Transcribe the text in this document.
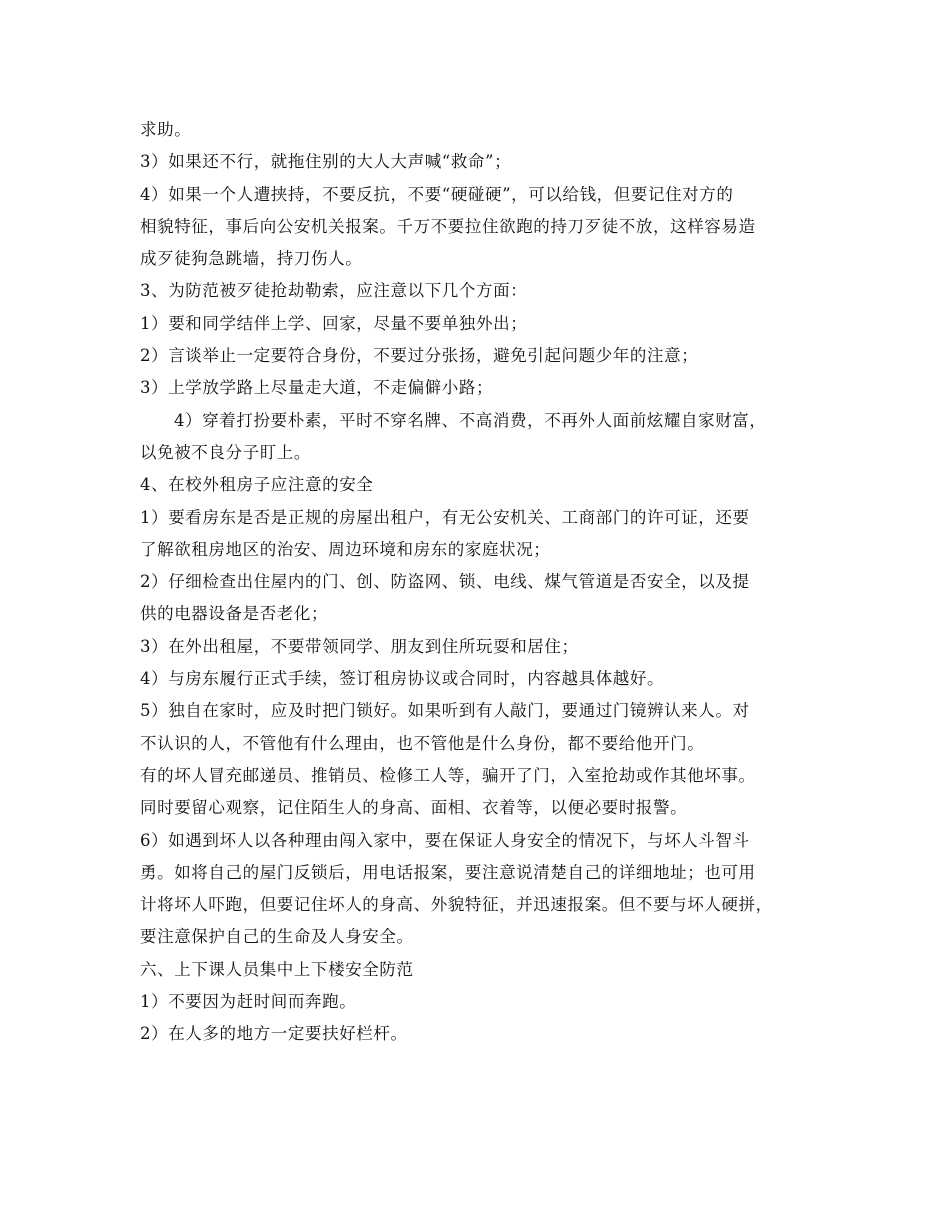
求助。
3）如果还不行，就拖住别的大人大声喊“救命”；
4）如果一个人遭挟持，不要反抗，不要“硬碰硬”，可以给钱，但要记住对方的
相貌特征，事后向公安机关报案。千万不要拉住欲跑的持刀歹徒不放，这样容易造
成歹徒狗急跳墙，持刀伤人。
3、为防范被歹徒抢劫勒索，应注意以下几个方面：
1）要和同学结伴上学、回家，尽量不要单独外出；
2）言谈举止一定要符合身份，不要过分张扬，避免引起问题少年的注意；
3）上学放学路上尽量走大道，不走偏僻小路；
4）穿着打扮要朴素，平时不穿名牌、不高消费，不再外人面前炫耀自家财富，
以免被不良分子盯上。
4、在校外租房子应注意的安全
1）要看房东是否是正规的房屋出租户，有无公安机关、工商部门的许可证，还要
了解欲租房地区的治安、周边环境和房东的家庭状况；
2）仔细检查出住屋内的门、创、防盗网、锁、电线、煤气管道是否安全，以及提
供的电器设备是否老化；
3）在外出租屋，不要带领同学、朋友到住所玩耍和居住；
4）与房东履行正式手续，签订租房协议或合同时，内容越具体越好。
5）独自在家时，应及时把门锁好。如果听到有人敲门，要通过门镜辨认来人。对
不认识的人，不管他有什么理由，也不管他是什么身份，都不要给他开门。
有的坏人冒充邮递员、推销员、检修工人等，骗开了门，入室抢劫或作其他坏事。
同时要留心观察，记住陌生人的身高、面相、衣着等，以便必要时报警。
6）如遇到坏人以各种理由闯入家中，要在保证人身安全的情况下，与坏人斗智斗
勇。如将自己的屋门反锁后，用电话报案，要注意说清楚自己的详细地址；也可用
计将坏人吓跑，但要记住坏人的身高、外貌特征，并迅速报案。但不要与坏人硬拼，
要注意保护自己的生命及人身安全。
六、上下课人员集中上下楼安全防范
1）不要因为赶时间而奔跑。
2）在人多的地方一定要扶好栏杆。
